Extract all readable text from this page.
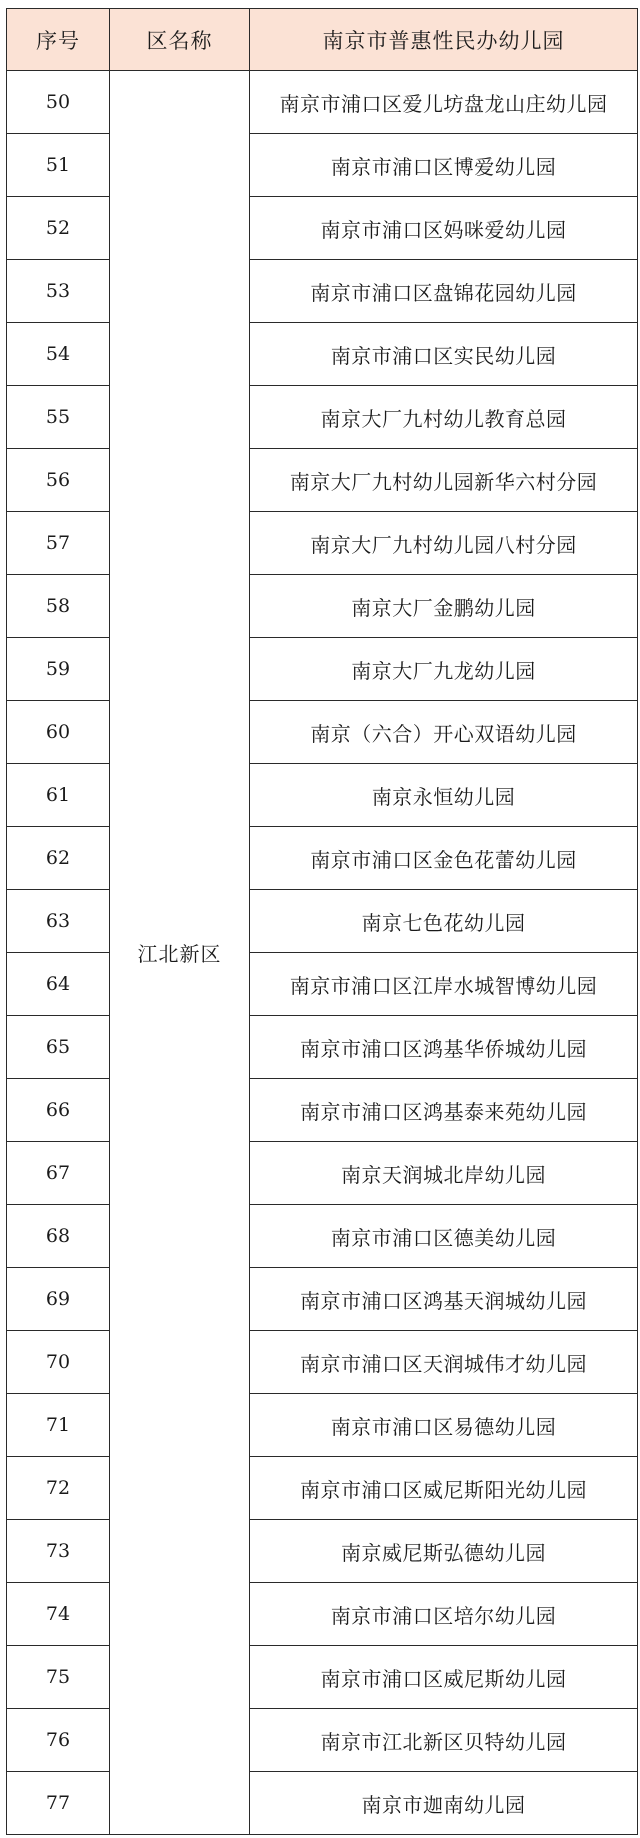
序号	区名称	南京市普惠性民办幼儿园
50	江北新区	南京市浦口区爱儿坊盘龙山庄幼儿园
51		南京市浦口区博爱幼儿园
52		南京市浦口区妈咪爱幼儿园
53		南京市浦口区盘锦花园幼儿园
54		南京市浦口区实民幼儿园
55		南京大厂九村幼儿教育总园
56		南京大厂九村幼儿园新华六村分园
57		南京大厂九村幼儿园八村分园
58		南京大厂金鹏幼儿园
59		南京大厂九龙幼儿园
60		南京（六合）开心双语幼儿园
61		南京永恒幼儿园
62		南京市浦口区金色花蕾幼儿园
63		南京七色花幼儿园
64		南京市浦口区江岸水城智博幼儿园
65		南京市浦口区鸿基华侨城幼儿园
66		南京市浦口区鸿基泰来苑幼儿园
67		南京天润城北岸幼儿园
68		南京市浦口区德美幼儿园
69		南京市浦口区鸿基天润城幼儿园
70		南京市浦口区天润城伟才幼儿园
71		南京市浦口区易德幼儿园
72		南京市浦口区威尼斯阳光幼儿园
73		南京威尼斯弘德幼儿园
74		南京市浦口区培尔幼儿园
75		南京市浦口区威尼斯幼儿园
76		南京市江北新区贝特幼儿园
77		南京市迦南幼儿园
